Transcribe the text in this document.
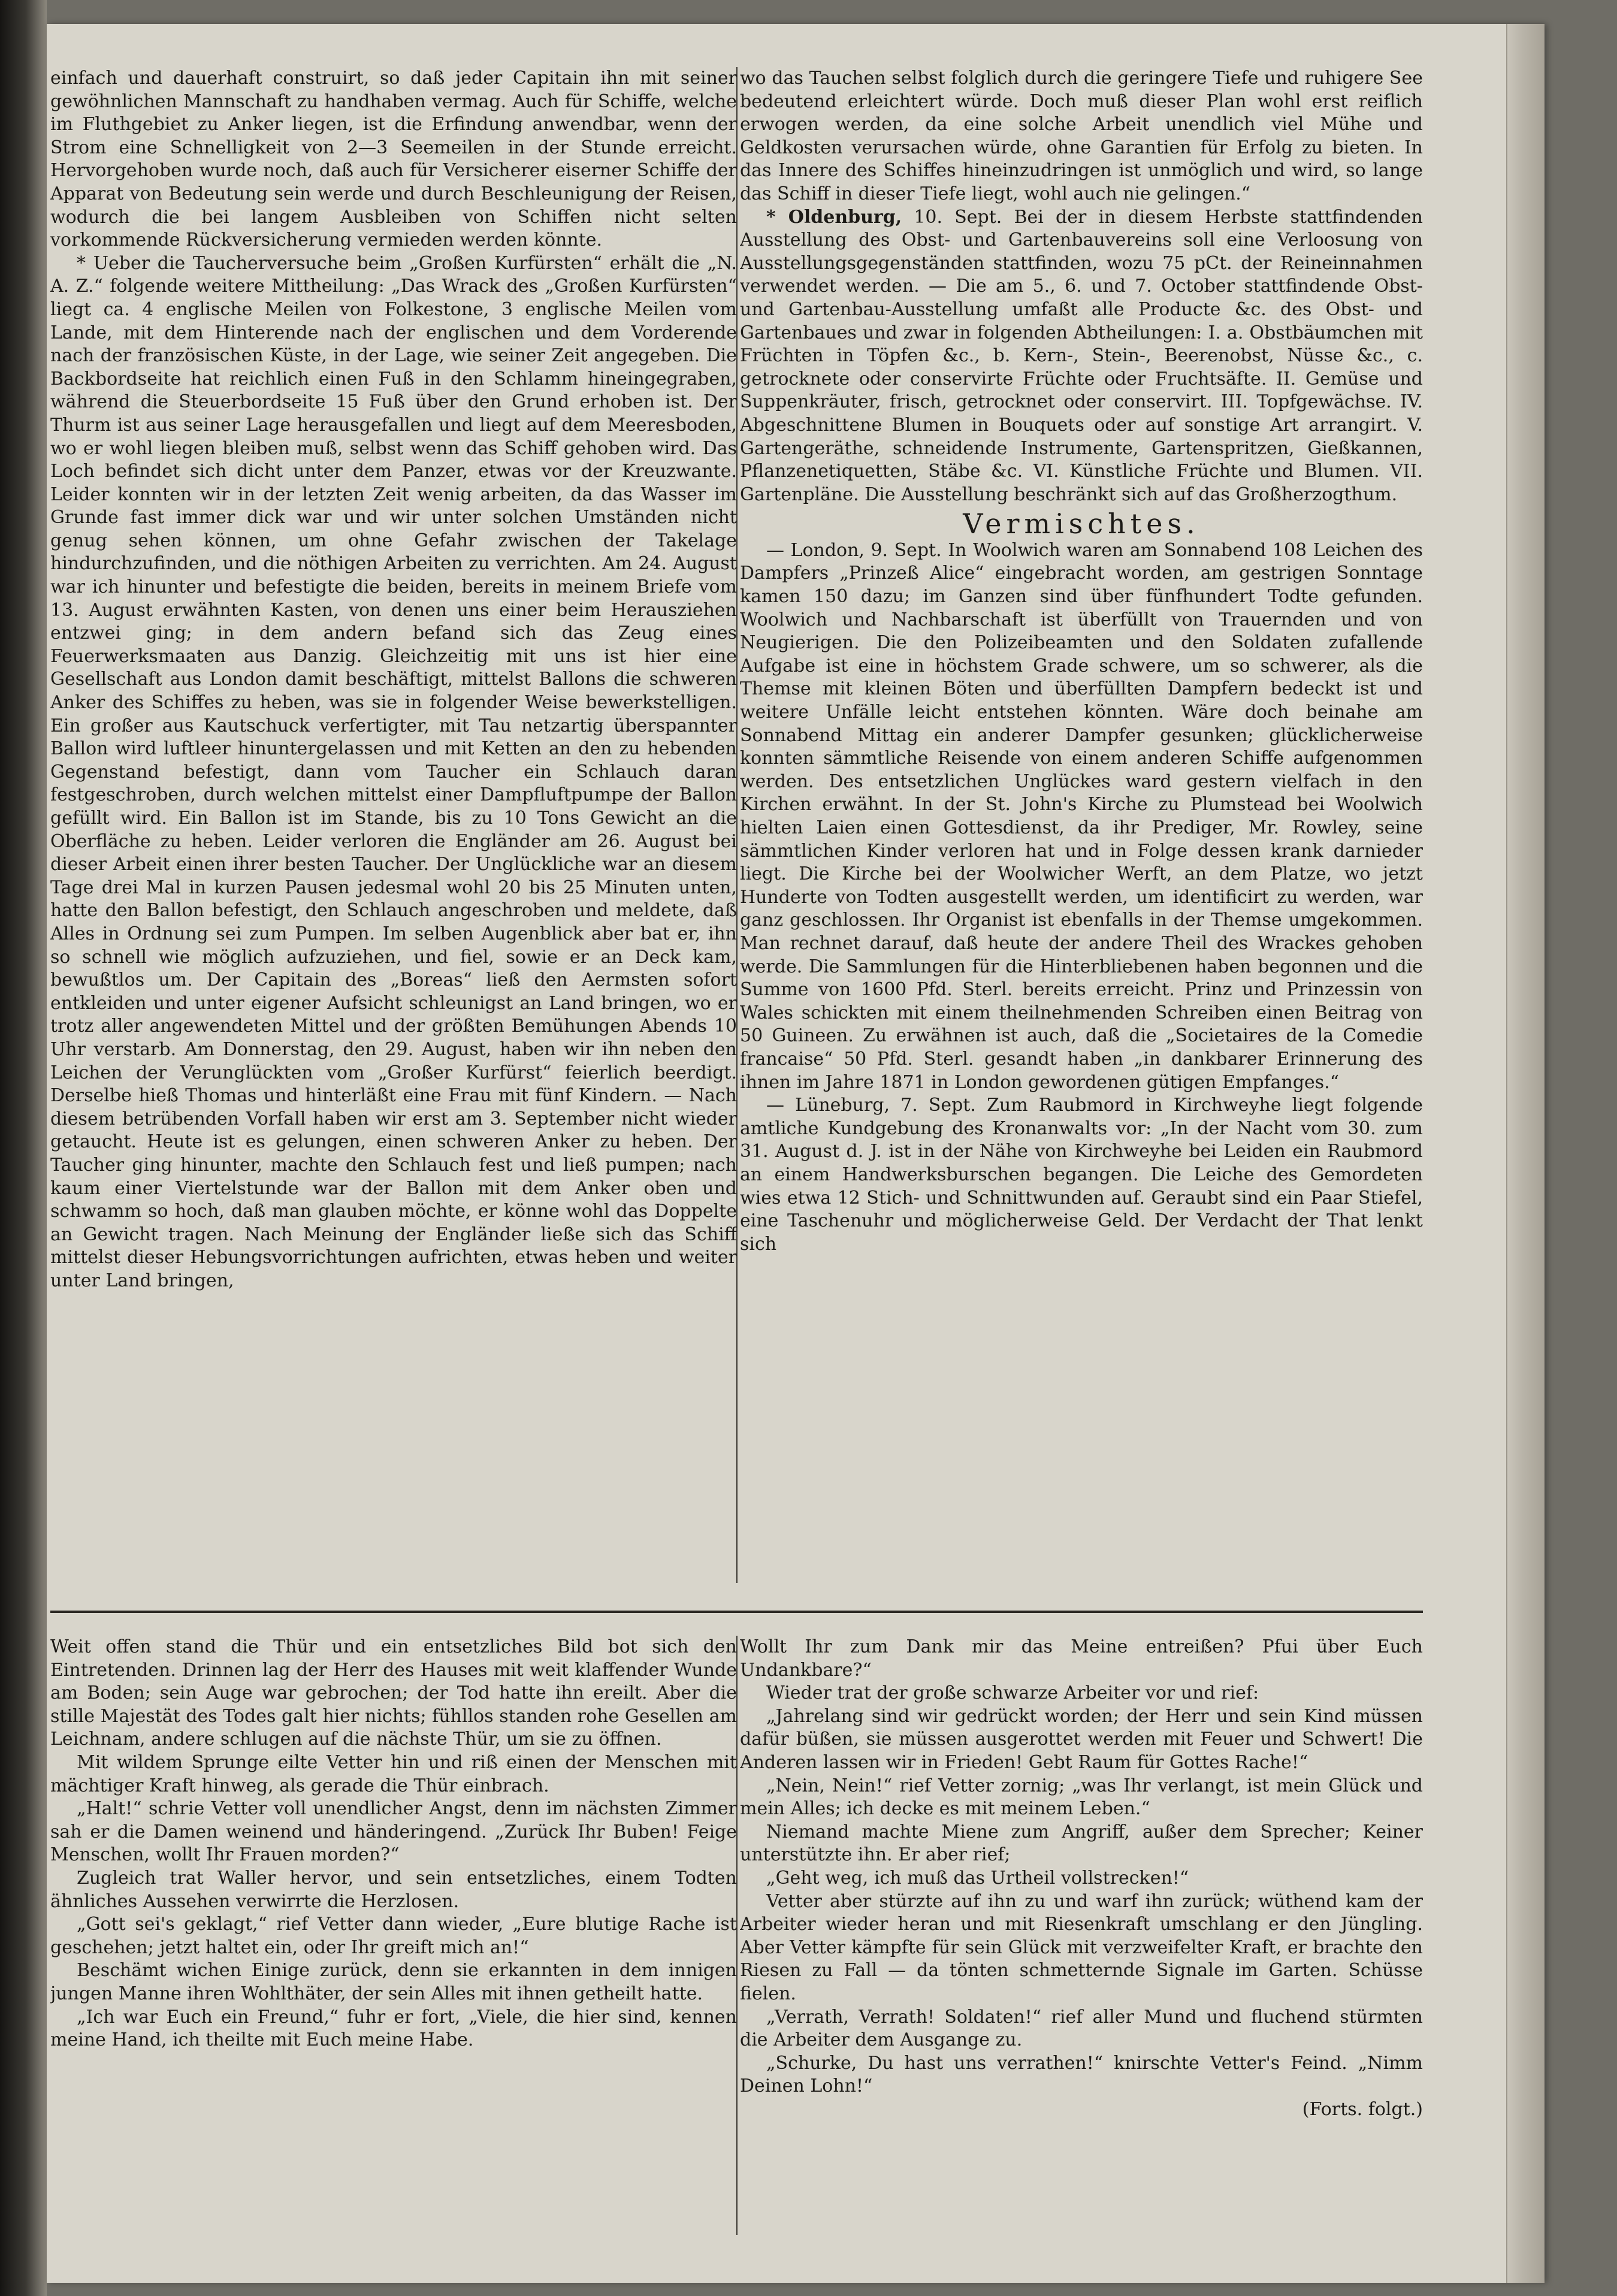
einfach und dauerhaft construirt, so daß jeder Capitain ihn mit seiner gewöhnlichen Mannschaft zu handhaben vermag. Auch für Schiffe, welche im Fluthgebiet zu Anker liegen, ist die Erfindung anwendbar, wenn der Strom eine Schnelligkeit von 2—3 Seemeilen in der Stunde erreicht. Hervorgehoben wurde noch, daß auch für Versicherer eiserner Schiffe der Apparat von Bedeutung sein werde und durch Beschleunigung der Reisen, wodurch die bei langem Ausbleiben von Schiffen nicht selten vorkommende Rückversicherung vermieden werden könnte.

* Ueber die Taucherversuche beim „Großen Kurfürsten“ erhält die „N. A. Z.“ folgende weitere Mittheilung: „Das Wrack des „Großen Kurfürsten“ liegt ca. 4 englische Meilen von Folkestone, 3 englische Meilen vom Lande, mit dem Hinterende nach der englischen und dem Vorderende nach der französischen Küste, in der Lage, wie seiner Zeit angegeben. Die Backbordseite hat reichlich einen Fuß in den Schlamm hineingegraben, während die Steuerbordseite 15 Fuß über den Grund erhoben ist. Der Thurm ist aus seiner Lage herausgefallen und liegt auf dem Meeresboden, wo er wohl liegen bleiben muß, selbst wenn das Schiff gehoben wird. Das Loch befindet sich dicht unter dem Panzer, etwas vor der Kreuzwante. Leider konnten wir in der letzten Zeit wenig arbeiten, da das Wasser im Grunde fast immer dick war und wir unter solchen Umständen nicht genug sehen können, um ohne Gefahr zwischen der Takelage hindurchzufinden, und die nöthigen Arbeiten zu verrichten. Am 24. August war ich hinunter und befestigte die beiden, bereits in meinem Briefe vom 13. August erwähnten Kasten, von denen uns einer beim Herausziehen entzwei ging; in dem andern befand sich das Zeug eines Feuerwerksmaaten aus Danzig. Gleichzeitig mit uns ist hier eine Gesellschaft aus London damit beschäftigt, mittelst Ballons die schweren Anker des Schiffes zu heben, was sie in folgender Weise bewerkstelligen. Ein großer aus Kautschuck verfertigter, mit Tau netzartig überspannter Ballon wird luftleer hinuntergelassen und mit Ketten an den zu hebenden Gegenstand befestigt, dann vom Taucher ein Schlauch daran festgeschroben, durch welchen mittelst einer Dampfluftpumpe der Ballon gefüllt wird. Ein Ballon ist im Stande, bis zu 10 Tons Gewicht an die Oberfläche zu heben. Leider verloren die Engländer am 26. August bei dieser Arbeit einen ihrer besten Taucher. Der Unglückliche war an diesem Tage drei Mal in kurzen Pausen jedesmal wohl 20 bis 25 Minuten unten, hatte den Ballon befestigt, den Schlauch angeschroben und meldete, daß Alles in Ordnung sei zum Pumpen. Im selben Augenblick aber bat er, ihn so schnell wie möglich aufzuziehen, und fiel, sowie er an Deck kam, bewußtlos um. Der Capitain des „Boreas“ ließ den Aermsten sofort entkleiden und unter eigener Aufsicht schleunigst an Land bringen, wo er trotz aller angewendeten Mittel und der größten Bemühungen Abends 10 Uhr verstarb. Am Donnerstag, den 29. August, haben wir ihn neben den Leichen der Verunglückten vom „Großer Kurfürst“ feierlich beerdigt. Derselbe hieß Thomas und hinterläßt eine Frau mit fünf Kindern. — Nach diesem betrübenden Vorfall haben wir erst am 3. September nicht wieder getaucht. Heute ist es gelungen, einen schweren Anker zu heben. Der Taucher ging hinunter, machte den Schlauch fest und ließ pumpen; nach kaum einer Viertelstunde war der Ballon mit dem Anker oben und schwamm so hoch, daß man glauben möchte, er könne wohl das Doppelte an Gewicht tragen. Nach Meinung der Engländer ließe sich das Schiff mittelst dieser Hebungsvorrichtungen aufrichten, etwas heben und weiter unter Land bringen,

wo das Tauchen selbst folglich durch die geringere Tiefe und ruhigere See bedeutend erleichtert würde. Doch muß dieser Plan wohl erst reiflich erwogen werden, da eine solche Arbeit unendlich viel Mühe und Geldkosten verursachen würde, ohne Garantien für Erfolg zu bieten. In das Innere des Schiffes hineinzudringen ist unmöglich und wird, so lange das Schiff in dieser Tiefe liegt, wohl auch nie gelingen.“

* Oldenburg, 10. Sept. Bei der in diesem Herbste stattfindenden Ausstellung des Obst- und Gartenbauvereins soll eine Verloosung von Ausstellungsgegenständen stattfinden, wozu 75 pCt. der Reineinnahmen verwendet werden. — Die am 5., 6. und 7. October stattfindende Obst- und Gartenbau-Ausstellung umfaßt alle Producte &c. des Obst- und Gartenbaues und zwar in folgenden Abtheilungen: I. a. Obstbäumchen mit Früchten in Töpfen &c., b. Kern-, Stein-, Beerenobst, Nüsse &c., c. getrocknete oder conservirte Früchte oder Fruchtsäfte. II. Gemüse und Suppenkräuter, frisch, getrocknet oder conservirt. III. Topfgewächse. IV. Abgeschnittene Blumen in Bouquets oder auf sonstige Art arrangirt. V. Gartengeräthe, schneidende Instrumente, Gartenspritzen, Gießkannen, Pflanzenetiquetten, Stäbe &c. VI. Künstliche Früchte und Blumen. VII. Gartenpläne. Die Ausstellung beschränkt sich auf das Großherzogthum.

Vermischtes.

— London, 9. Sept. In Woolwich waren am Sonnabend 108 Leichen des Dampfers „Prinzeß Alice“ eingebracht worden, am gestrigen Sonntage kamen 150 dazu; im Ganzen sind über fünfhundert Todte gefunden. Woolwich und Nachbarschaft ist überfüllt von Trauernden und von Neugierigen. Die den Polizeibeamten und den Soldaten zufallende Aufgabe ist eine in höchstem Grade schwere, um so schwerer, als die Themse mit kleinen Böten und überfüllten Dampfern bedeckt ist und weitere Unfälle leicht entstehen könnten. Wäre doch beinahe am Sonnabend Mittag ein anderer Dampfer gesunken; glücklicherweise konnten sämmtliche Reisende von einem anderen Schiffe aufgenommen werden. Des entsetzlichen Unglückes ward gestern vielfach in den Kirchen erwähnt. In der St. John's Kirche zu Plumstead bei Woolwich hielten Laien einen Gottesdienst, da ihr Prediger, Mr. Rowley, seine sämmtlichen Kinder verloren hat und in Folge dessen krank darnieder liegt. Die Kirche bei der Woolwicher Werft, an dem Platze, wo jetzt Hunderte von Todten ausgestellt werden, um identificirt zu werden, war ganz geschlossen. Ihr Organist ist ebenfalls in der Themse umgekommen. Man rechnet darauf, daß heute der andere Theil des Wrackes gehoben werde. Die Sammlungen für die Hinterbliebenen haben begonnen und die Summe von 1600 Pfd. Sterl. bereits erreicht. Prinz und Prinzessin von Wales schickten mit einem theilnehmenden Schreiben einen Beitrag von 50 Guineen. Zu erwähnen ist auch, daß die „Societaires de la Comedie francaise“ 50 Pfd. Sterl. gesandt haben „in dankbarer Erinnerung des ihnen im Jahre 1871 in London gewordenen gütigen Empfanges.“

— Lüneburg, 7. Sept. Zum Raubmord in Kirchweyhe liegt folgende amtliche Kundgebung des Kronanwalts vor: „In der Nacht vom 30. zum 31. August d. J. ist in der Nähe von Kirchweyhe bei Leiden ein Raubmord an einem Handwerksburschen begangen. Die Leiche des Gemordeten wies etwa 12 Stich- und Schnittwunden auf. Geraubt sind ein Paar Stiefel, eine Taschenuhr und möglicherweise Geld. Der Verdacht der That lenkt sich

Weit offen stand die Thür und ein entsetzliches Bild bot sich den Eintretenden. Drinnen lag der Herr des Hauses mit weit klaffender Wunde am Boden; sein Auge war gebrochen; der Tod hatte ihn ereilt. Aber die stille Majestät des Todes galt hier nichts; fühllos standen rohe Gesellen am Leichnam, andere schlugen auf die nächste Thür, um sie zu öffnen.

Mit wildem Sprunge eilte Vetter hin und riß einen der Menschen mit mächtiger Kraft hinweg, als gerade die Thür einbrach.

„Halt!“ schrie Vetter voll unendlicher Angst, denn im nächsten Zimmer sah er die Damen weinend und händeringend. „Zurück Ihr Buben! Feige Menschen, wollt Ihr Frauen morden?“

Zugleich trat Waller hervor, und sein entsetzliches, einem Todten ähnliches Aussehen verwirrte die Herzlosen.

„Gott sei's geklagt,“ rief Vetter dann wieder, „Eure blutige Rache ist geschehen; jetzt haltet ein, oder Ihr greift mich an!“

Beschämt wichen Einige zurück, denn sie erkannten in dem innigen jungen Manne ihren Wohlthäter, der sein Alles mit ihnen getheilt hatte.

„Ich war Euch ein Freund,“ fuhr er fort, „Viele, die hier sind, kennen meine Hand, ich theilte mit Euch meine Habe.

Wollt Ihr zum Dank mir das Meine entreißen? Pfui über Euch Undankbare?“

Wieder trat der große schwarze Arbeiter vor und rief:

„Jahrelang sind wir gedrückt worden; der Herr und sein Kind müssen dafür büßen, sie müssen ausgerottet werden mit Feuer und Schwert! Die Anderen lassen wir in Frieden! Gebt Raum für Gottes Rache!“

„Nein, Nein!“ rief Vetter zornig; „was Ihr verlangt, ist mein Glück und mein Alles; ich decke es mit meinem Leben.“

Niemand machte Miene zum Angriff, außer dem Sprecher; Keiner unterstützte ihn. Er aber rief;

„Geht weg, ich muß das Urtheil vollstrecken!“

Vetter aber stürzte auf ihn zu und warf ihn zurück; wüthend kam der Arbeiter wieder heran und mit Riesenkraft umschlang er den Jüngling. Aber Vetter kämpfte für sein Glück mit verzweifelter Kraft, er brachte den Riesen zu Fall — da tönten schmetternde Signale im Garten. Schüsse fielen.

„Verrath, Verrath! Soldaten!“ rief aller Mund und fluchend stürmten die Arbeiter dem Ausgange zu.

„Schurke, Du hast uns verrathen!“ knirschte Vetter's Feind. „Nimm Deinen Lohn!“

(Forts. folgt.)
